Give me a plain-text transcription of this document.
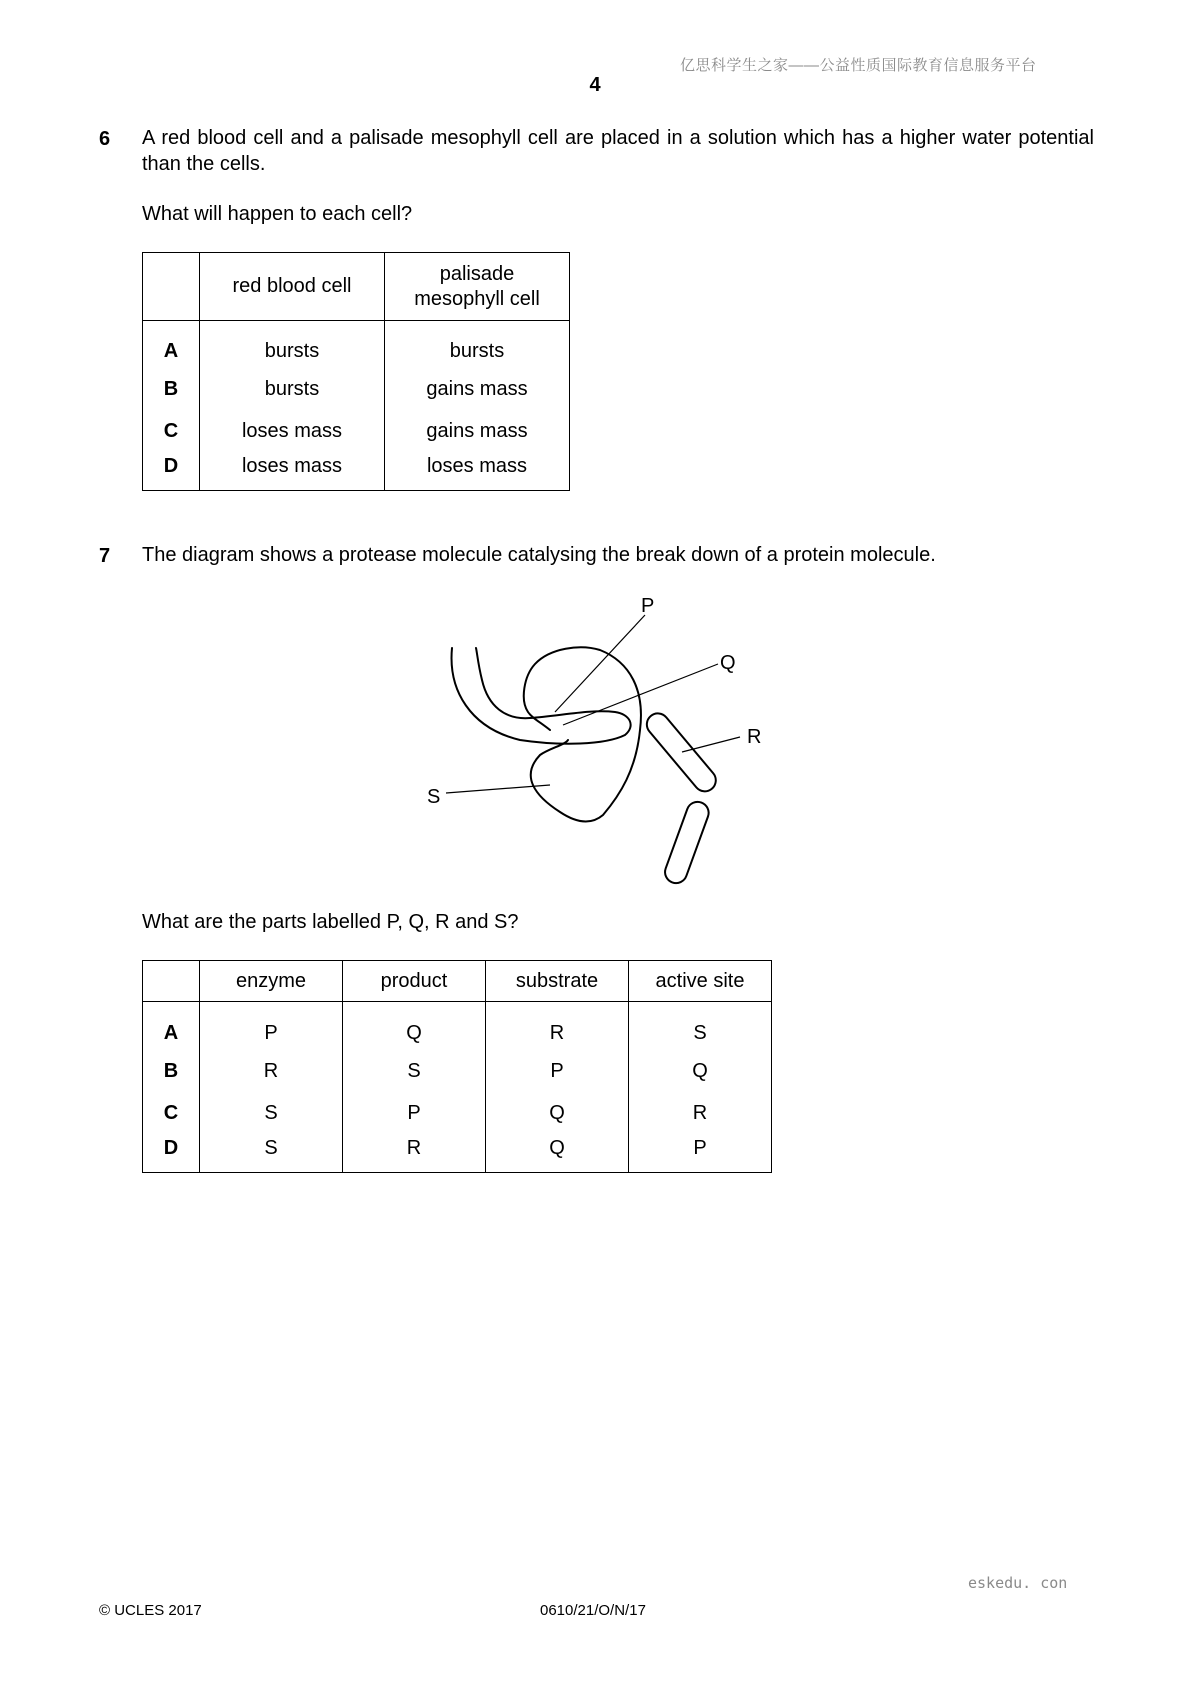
亿思科学生之家——公益性质国际教育信息服务平台
4
6 A red blood cell and a palisade mesophyll cell are placed in a solution which has a higher water potential than the cells.
What will happen to each cell?
	red blood cell	palisade mesophyll cell

A	bursts	bursts
B	bursts	gains mass
C	loses mass	gains mass
D	loses mass	loses mass
7 The diagram shows a protease molecule catalysing the break down of a protein molecule.
P
Q
R
S
What are the parts labelled P, Q, R and S?
	enzyme	product	substrate	active site
A	P	Q	R	S
B	R	S	P	Q
C	S	P	Q	R
D	S	R	Q	P
eskedu. con
© UCLES 2017	0610/21/O/N/17
